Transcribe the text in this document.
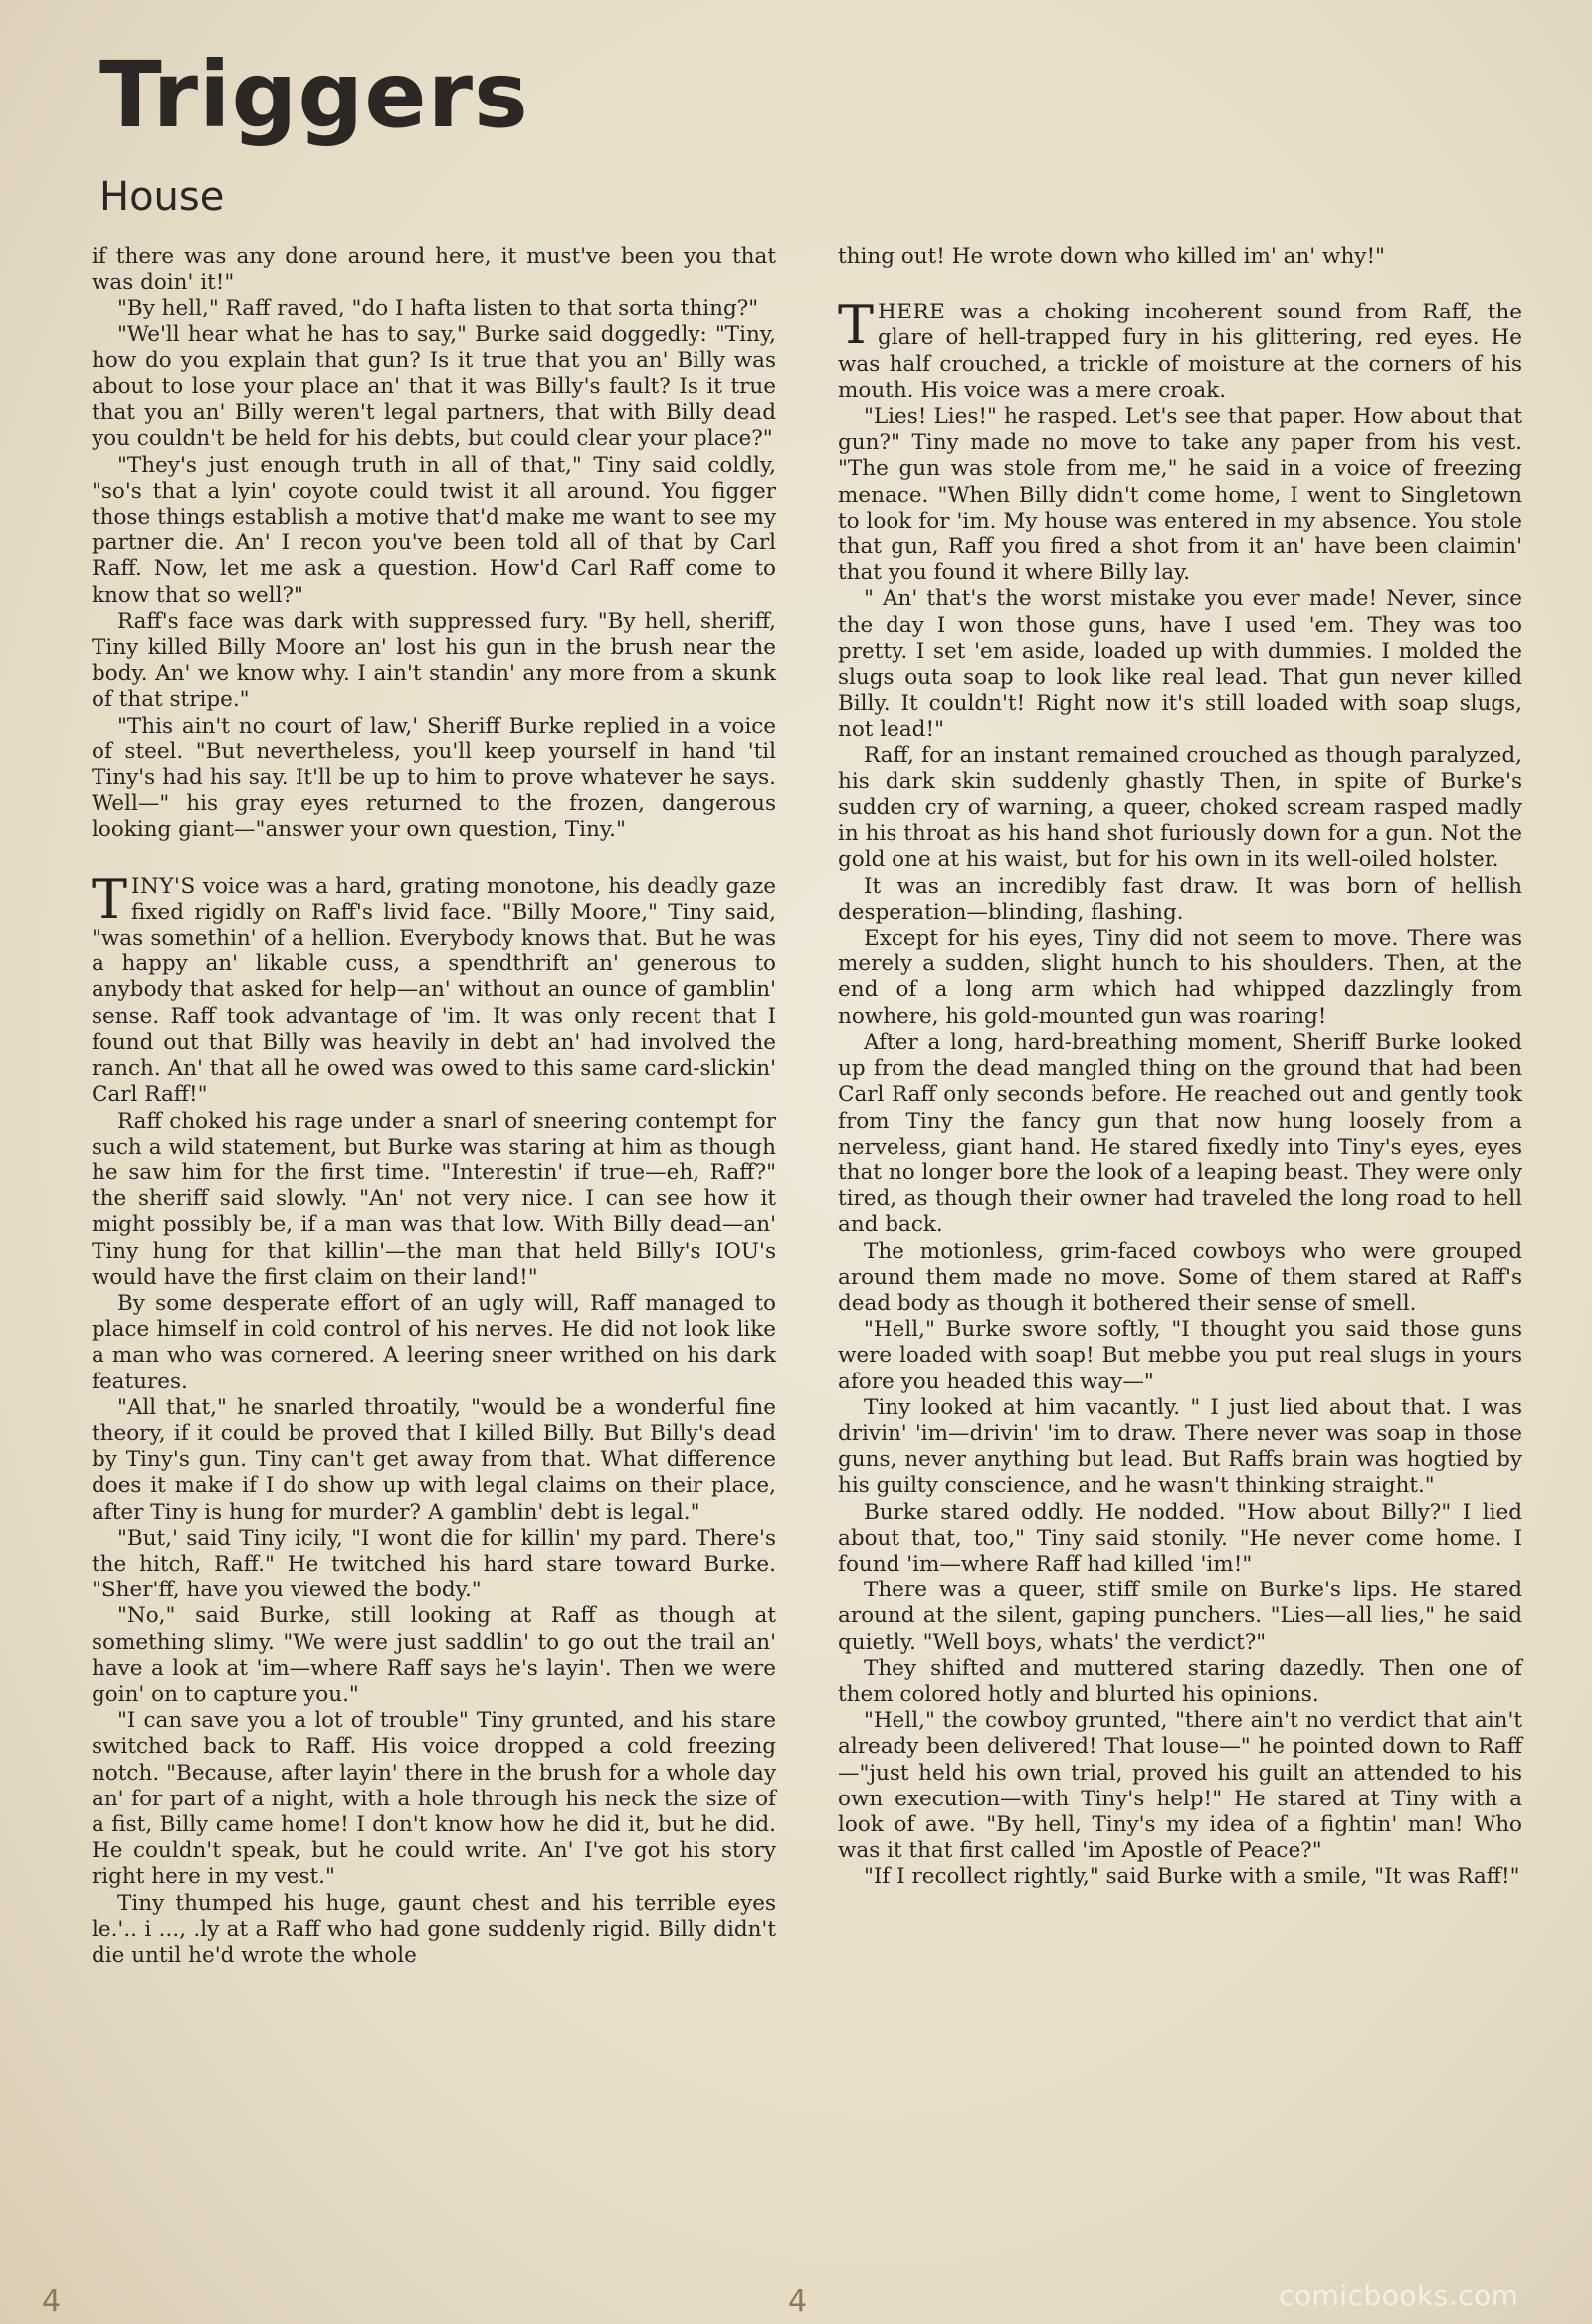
Triggers
House

if there was any done around here, it must've been you that was doin' it!"

"By hell," Raff raved, "do I hafta listen to that sorta thing?"

"We'll hear what he has to say," Burke said doggedly: "Tiny, how do you explain that gun? Is it true that you an' Billy was about to lose your place an' that it was Billy's fault? Is it true that you an' Billy weren't legal partners, that with Billy dead you couldn't be held for his debts, but could clear your place?"

"They's just enough truth in all of that," Tiny said coldly, "so's that a lyin' coyote could twist it all around. You figger those things establish a motive that'd make me want to see my partner die. An' I recon you've been told all of that by Carl Raff. Now, let me ask a question. How'd Carl Raff come to know that so well?"

Raff's face was dark with suppressed fury. "By hell, sheriff, Tiny killed Billy Moore an' lost his gun in the brush near the body. An' we know why. I ain't standin' any more from a skunk of that stripe."

"This ain't no court of law,' Sheriff Burke replied in a voice of steel. "But nevertheless, you'll keep yourself in hand 'til Tiny's had his say. It'll be up to him to prove whatever he says. Well—" his gray eyes returned to the frozen, dangerous looking giant—"answer your own question, Tiny."

TINY'S voice was a hard, grating monotone, his deadly gaze fixed rigidly on Raff's livid face. "Billy Moore," Tiny said, "was somethin' of a hellion. Everybody knows that. But he was a happy an' likable cuss, a spendthrift an' generous to anybody that asked for help—an' without an ounce of gamblin' sense. Raff took advantage of 'im. It was only recent that I found out that Billy was heavily in debt an' had involved the ranch. An' that all he owed was owed to this same card-slickin' Carl Raff!"

Raff choked his rage under a snarl of sneering contempt for such a wild statement, but Burke was staring at him as though he saw him for the first time. "Interestin' if true—eh, Raff?" the sheriff said slowly. "An' not very nice. I can see how it might possibly be, if a man was that low. With Billy dead—an' Tiny hung for that killin'—the man that held Billy's IOU's would have the first claim on their land!"

By some desperate effort of an ugly will, Raff managed to place himself in cold control of his nerves. He did not look like a man who was cornered. A leering sneer writhed on his dark features.

"All that," he snarled throatily, "would be a wonderful fine theory, if it could be proved that I killed Billy. But Billy's dead by Tiny's gun. Tiny can't get away from that. What difference does it make if I do show up with legal claims on their place, after Tiny is hung for murder? A gamblin' debt is legal."

"But,' said Tiny icily, "I wont die for killin' my pard. There's the hitch, Raff." He twitched his hard stare toward Burke. "Sher'ff, have you viewed the body."

"No," said Burke, still looking at Raff as though at something slimy. "We were just saddlin' to go out the trail an' have a look at 'im—where Raff says he's layin'. Then we were goin' on to capture you."

"I can save you a lot of trouble" Tiny grunted, and his stare switched back to Raff. His voice dropped a cold freezing notch. "Because, after layin' there in the brush for a whole day an' for part of a night, with a hole through his neck the size of a fist, Billy came home! I don't know how he did it, but he did. He couldn't speak, but he could write. An' I've got his story right here in my vest."

Tiny thumped his huge, gaunt chest and his terrible eyes le.'.. i ..., .ly at a Raff who had gone suddenly rigid. Billy didn't die until he'd wrote the whole

thing out! He wrote down who killed im' an' why!"

THERE was a choking incoherent sound from Raff, the glare of hell-trapped fury in his glittering, red eyes. He was half crouched, a trickle of moisture at the corners of his mouth. His voice was a mere croak.

"Lies! Lies!" he rasped. Let's see that paper. How about that gun?" Tiny made no move to take any paper from his vest. "The gun was stole from me," he said in a voice of freezing menace. "When Billy didn't come home, I went to Singletown to look for 'im. My house was entered in my absence. You stole that gun, Raff you fired a shot from it an' have been claimin' that you found it where Billy lay.

" An' that's the worst mistake you ever made! Never, since the day I won those guns, have I used 'em. They was too pretty. I set 'em aside, loaded up with dummies. I molded the slugs outa soap to look like real lead. That gun never killed Billy. It couldn't! Right now it's still loaded with soap slugs, not lead!"

Raff, for an instant remained crouched as though paralyzed, his dark skin suddenly ghastly Then, in spite of Burke's sudden cry of warning, a queer, choked scream rasped madly in his throat as his hand shot furiously down for a gun. Not the gold one at his waist, but for his own in its well-oiled holster.

It was an incredibly fast draw. It was born of hellish desperation—blinding, flashing.

Except for his eyes, Tiny did not seem to move. There was merely a sudden, slight hunch to his shoulders. Then, at the end of a long arm which had whipped dazzlingly from nowhere, his gold-mounted gun was roaring!

After a long, hard-breathing moment, Sheriff Burke looked up from the dead mangled thing on the ground that had been Carl Raff only seconds before. He reached out and gently took from Tiny the fancy gun that now hung loosely from a nerveless, giant hand. He stared fixedly into Tiny's eyes, eyes that no longer bore the look of a leaping beast. They were only tired, as though their owner had traveled the long road to hell and back.

The motionless, grim-faced cowboys who were grouped around them made no move. Some of them stared at Raff's dead body as though it bothered their sense of smell.

"Hell," Burke swore softly, "I thought you said those guns were loaded with soap! But mebbe you put real slugs in yours afore you headed this way—"

Tiny looked at him vacantly. " I just lied about that. I was drivin' 'im—drivin' 'im to draw. There never was soap in those guns, never anything but lead. But Raffs brain was hogtied by his guilty conscience, and he wasn't thinking straight."

Burke stared oddly. He nodded. "How about Billy?" I lied about that, too," Tiny said stonily. "He never come home. I found 'im—where Raff had killed 'im!"

There was a queer, stiff smile on Burke's lips. He stared around at the silent, gaping punchers. "Lies—all lies," he said quietly. "Well boys, whats' the verdict?"

They shifted and muttered staring dazedly. Then one of them colored hotly and blurted his opinions.

"Hell," the cowboy grunted, "there ain't no verdict that ain't already been delivered! That louse—" he pointed down to Raff—"just held his own trial, proved his guilt an attended to his own execution—with Tiny's help!" He stared at Tiny with a look of awe. "By hell, Tiny's my idea of a fightin' man! Who was it that first called 'im Apostle of Peace?"

"If I recollect rightly," said Burke with a smile, "It was Raff!"

4	4	comicbooks.com
